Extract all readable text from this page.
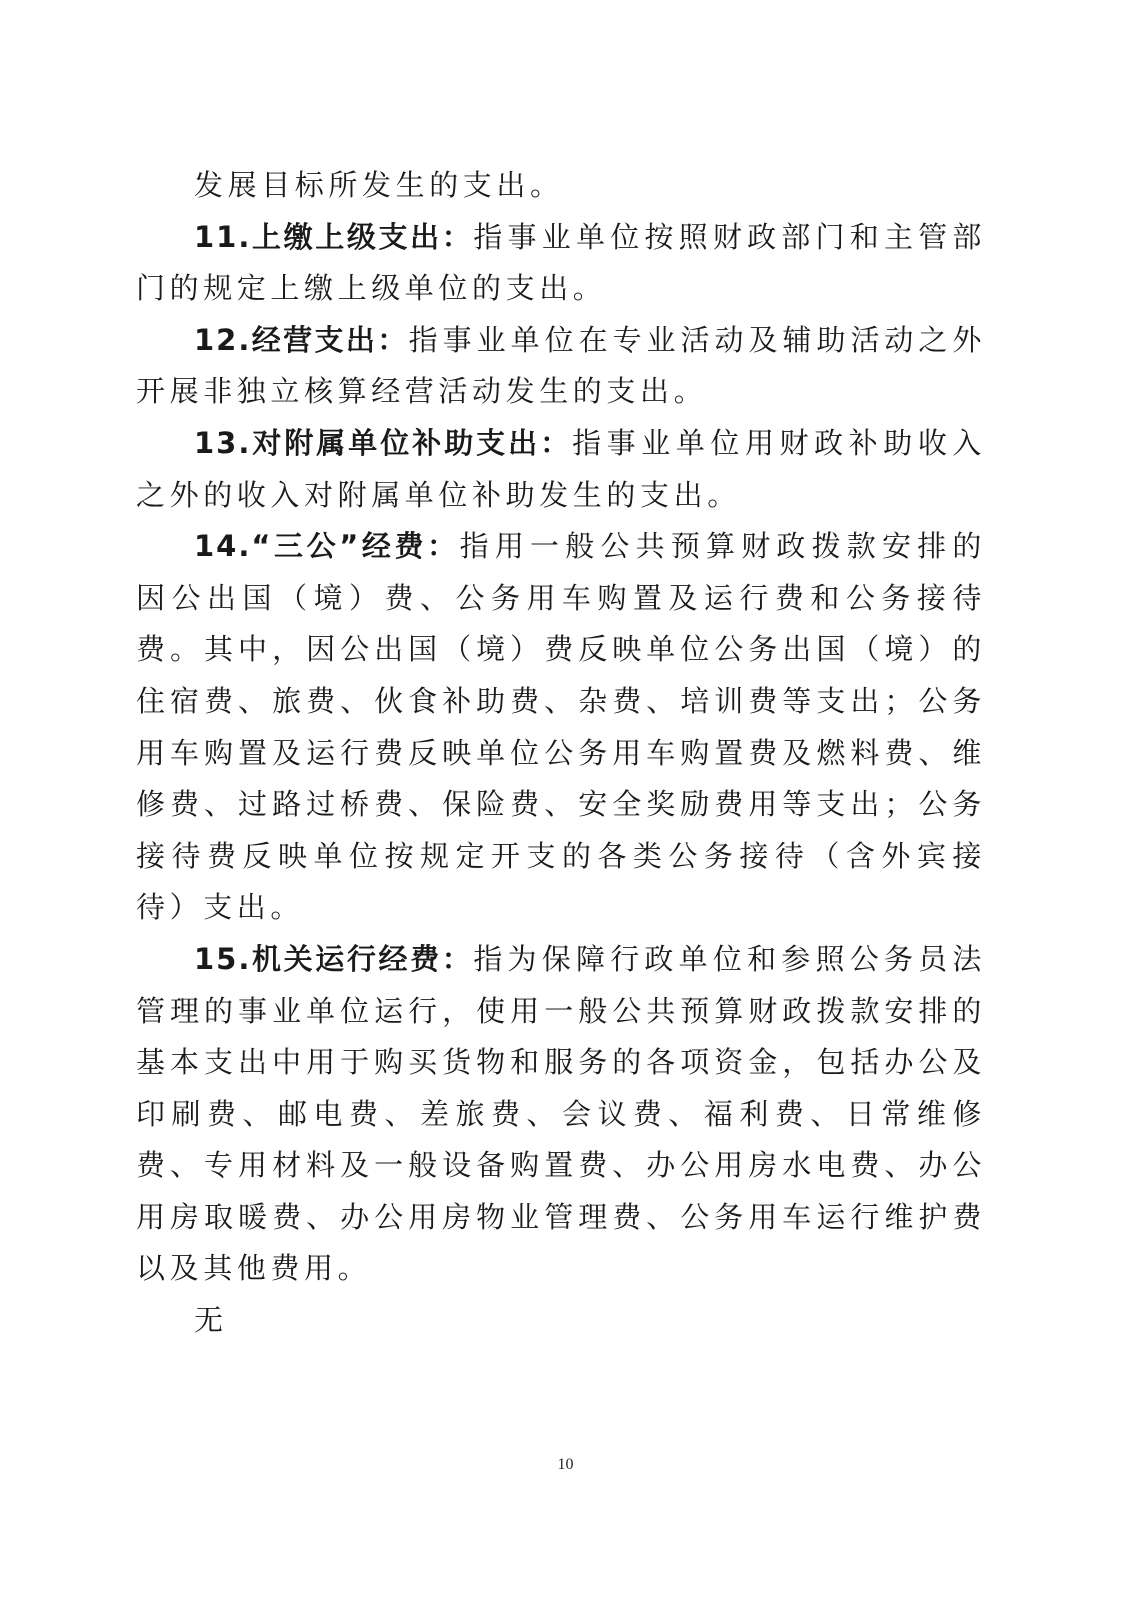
发展目标所发生的支出。

11.上缴上级支出：指事业单位按照财政部门和主管部门的规定上缴上级单位的支出。

12.经营支出：指事业单位在专业活动及辅助活动之外开展非独立核算经营活动发生的支出。

13.对附属单位补助支出：指事业单位用财政补助收入之外的收入对附属单位补助发生的支出。

14.“三公”经费：指用一般公共预算财政拨款安排的因公出国（境）费、公务用车购置及运行费和公务接待费。其中，因公出国（境）费反映单位公务出国（境）的住宿费、旅费、伙食补助费、杂费、培训费等支出；公务用车购置及运行费反映单位公务用车购置费及燃料费、维修费、过路过桥费、保险费、安全奖励费用等支出；公务接待费反映单位按规定开支的各类公务接待（含外宾接待）支出。

15.机关运行经费：指为保障行政单位和参照公务员法管理的事业单位运行，使用一般公共预算财政拨款安排的基本支出中用于购买货物和服务的各项资金，包括办公及印刷费、邮电费、差旅费、会议费、福利费、日常维修费、专用材料及一般设备购置费、办公用房水电费、办公用房取暖费、办公用房物业管理费、公务用车运行维护费以及其他费用。

无

10
